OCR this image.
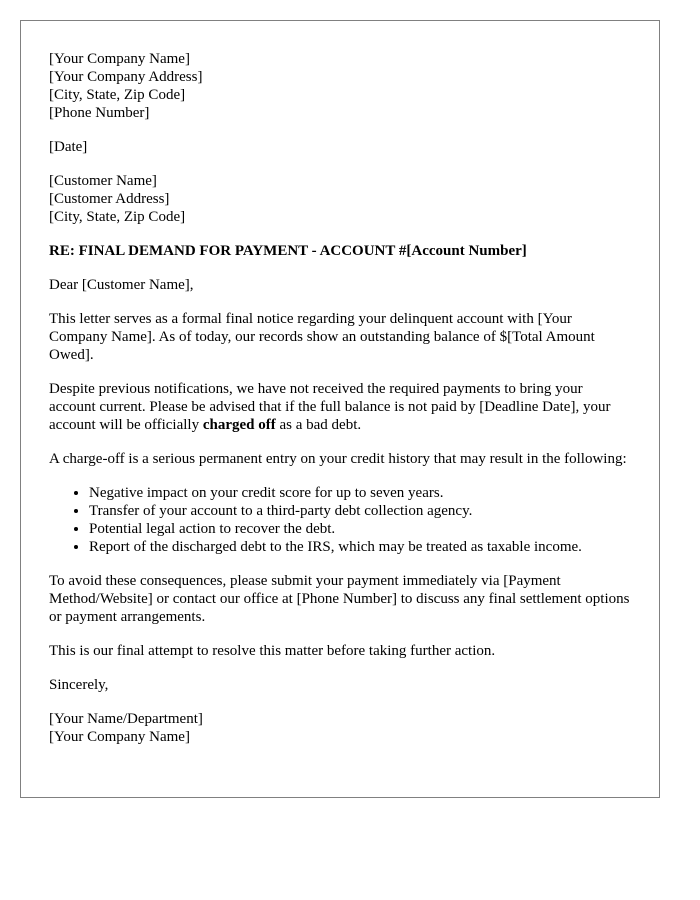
[Your Company Name]
[Your Company Address]
[City, State, Zip Code]
[Phone Number]
[Date]
[Customer Name]
[Customer Address]
[City, State, Zip Code]
RE: FINAL DEMAND FOR PAYMENT - ACCOUNT #[Account Number]

Dear [Customer Name],

This letter serves as a formal final notice regarding your delinquent account with [Your Company Name]. As of today, our records show an outstanding balance of $[Total Amount Owed].

Despite previous notifications, we have not received the required payments to bring your account current. Please be advised that if the full balance is not paid by [Deadline Date], your account will be officially charged off as a bad debt.

A charge-off is a serious permanent entry on your credit history that may result in the following:

• Negative impact on your credit score for up to seven years.
• Transfer of your account to a third-party debt collection agency.
• Potential legal action to recover the debt.
• Report of the discharged debt to the IRS, which may be treated as taxable income.

To avoid these consequences, please submit your payment immediately via [Payment Method/Website] or contact our office at [Phone Number] to discuss any final settlement options or payment arrangements.

This is our final attempt to resolve this matter before taking further action.

Sincerely,

[Your Name/Department]
[Your Company Name]
